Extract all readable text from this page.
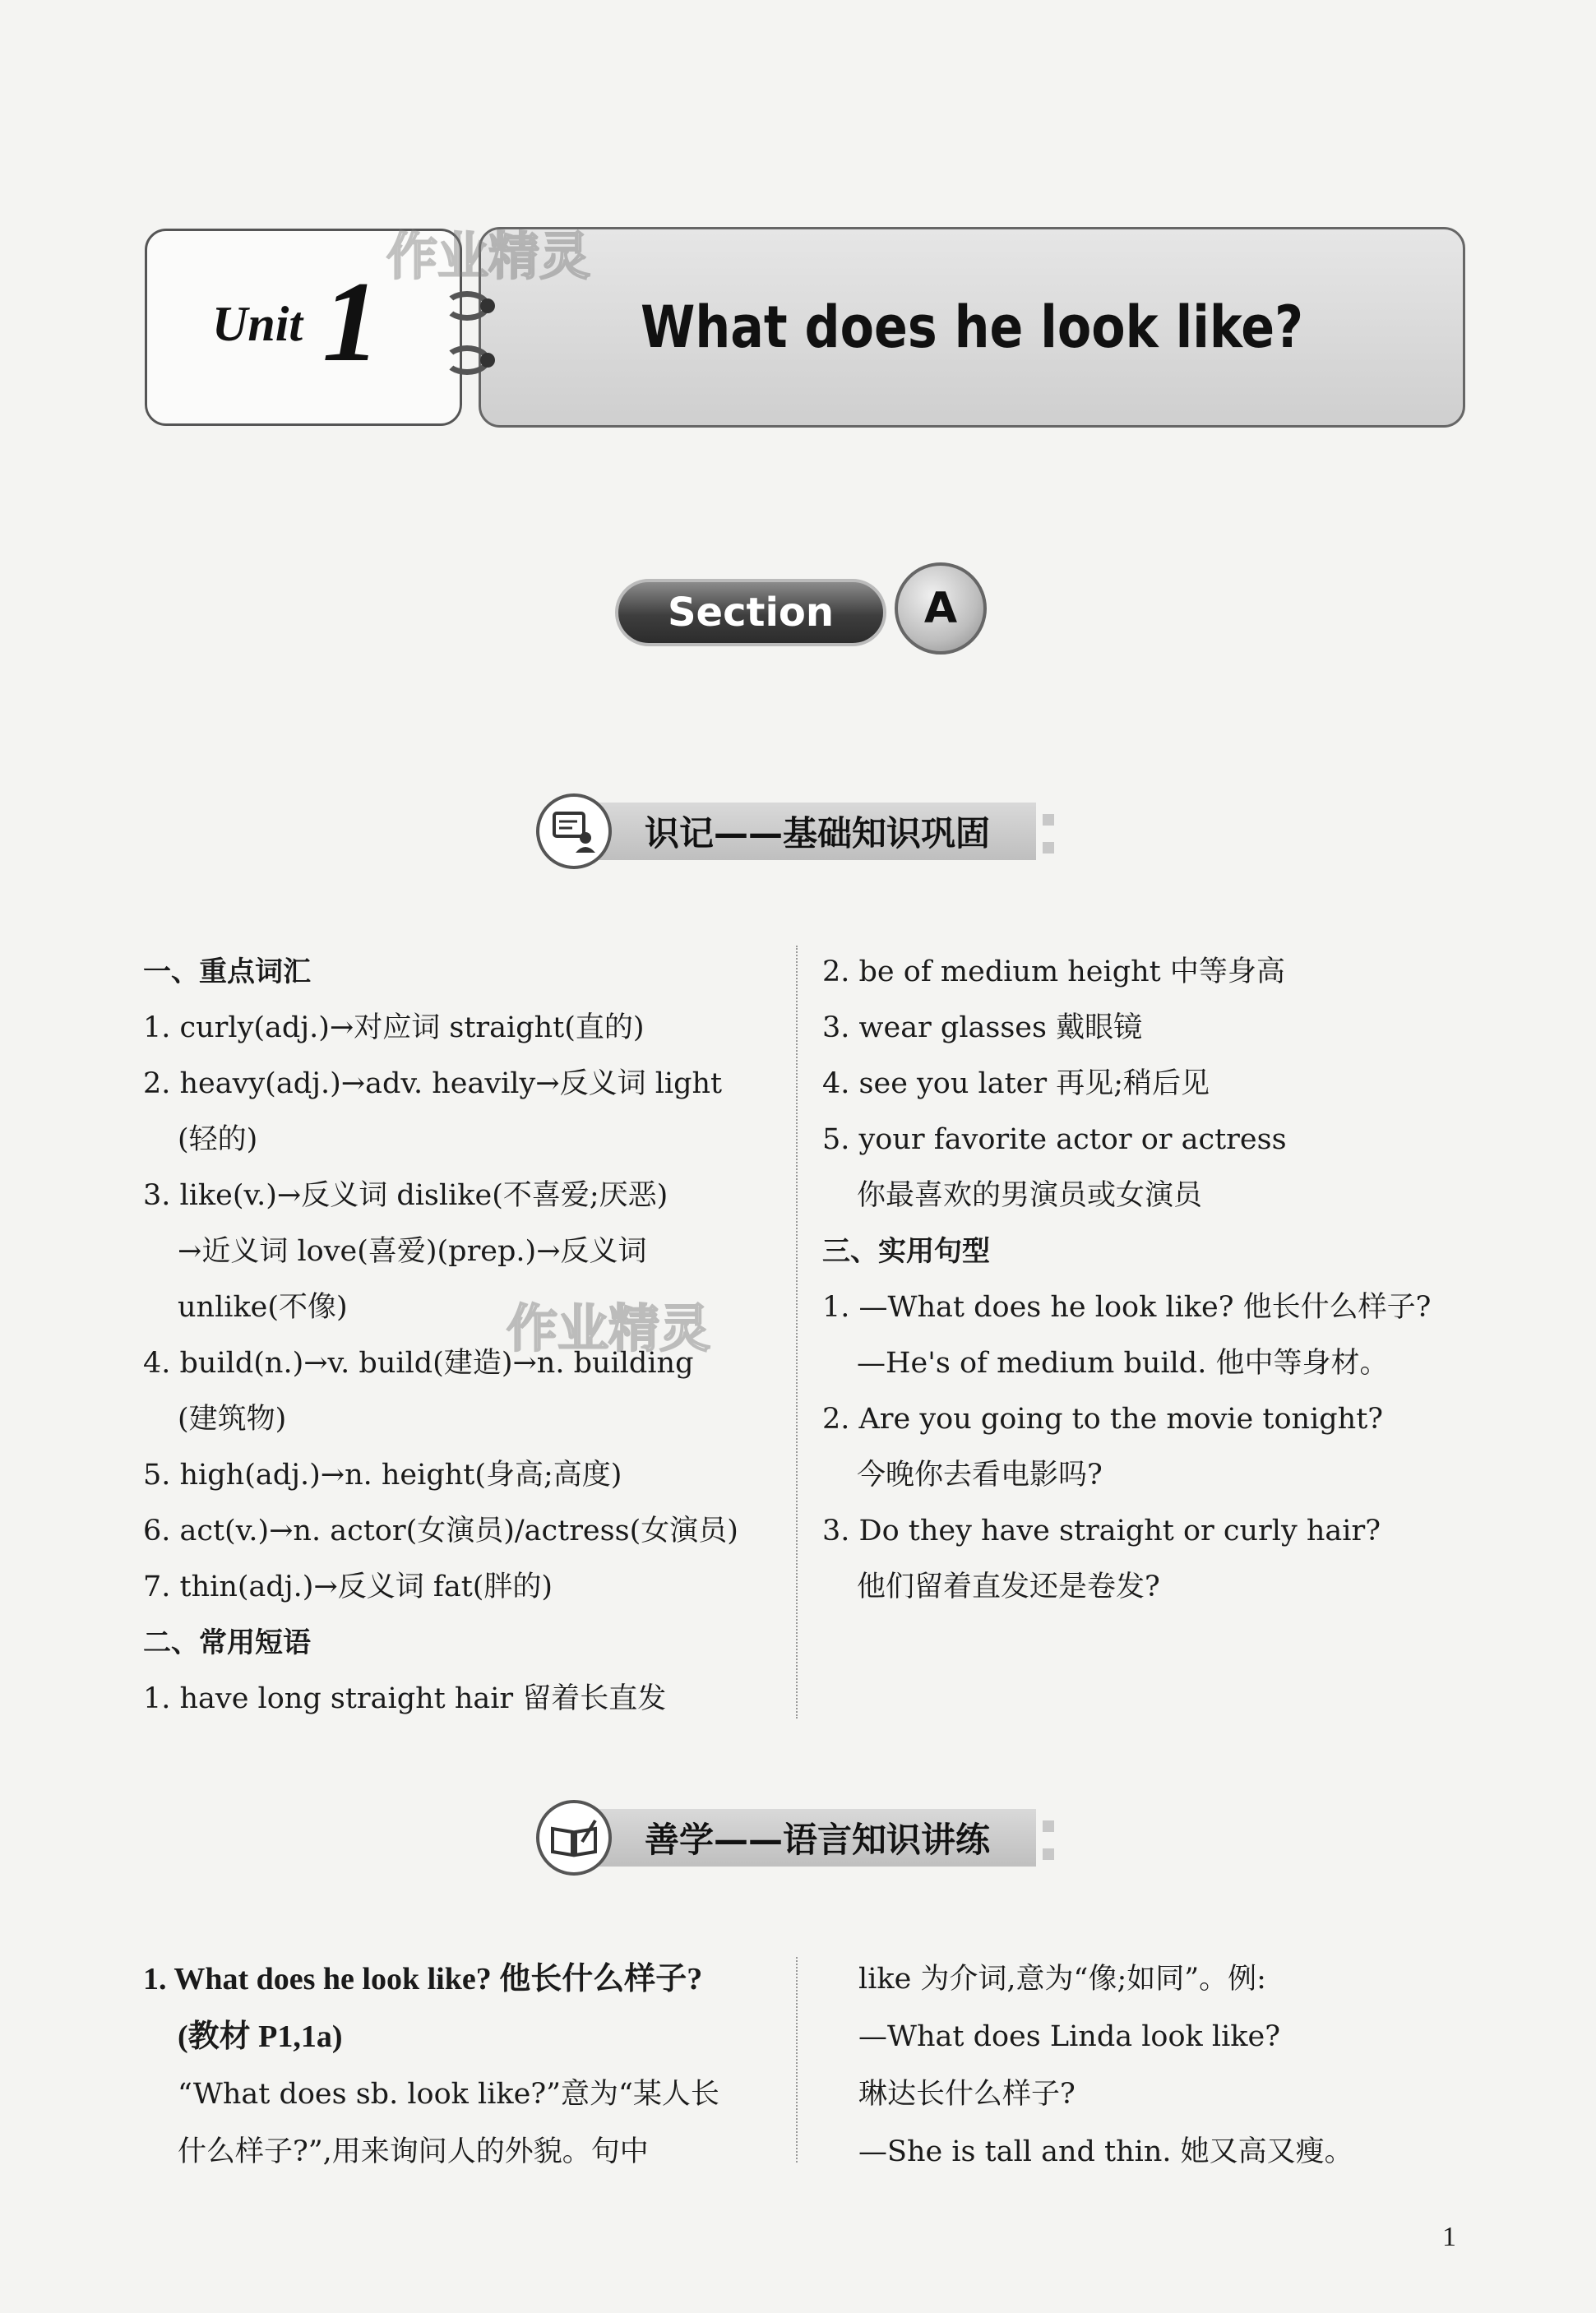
Unit 1	What does he look like?
作业精灵
Section A
识记——基础知识巩固
一、重点词汇
1. curly(adj.)→对应词 straight(直的)
2. heavy(adj.)→adv. heavily→反义词 light
(轻的)
3. like(v.)→反义词 dislike(不喜爱;厌恶)
→近义词 love(喜爱)(prep.)→反义词
unlike(不像)
4. build(n.)→v. build(建造)→n. building
(建筑物)
5. high(adj.)→n. height(身高;高度)
6. act(v.)→n. actor(女演员)/actress(女演员)
7. thin(adj.)→反义词 fat(胖的)
二、常用短语
1. have long straight hair 留着长直发
2. be of medium height 中等身高
3. wear glasses 戴眼镜
4. see you later 再见;稍后见
5. your favorite actor or actress
你最喜欢的男演员或女演员
三、实用句型
1. —What does he look like? 他长什么样子?
—He's of medium build. 他中等身材。
2. Are you going to the movie tonight?
今晚你去看电影吗?
3. Do they have straight or curly hair?
他们留着直发还是卷发?
作业精灵
善学——语言知识讲练
1. What does he look like? 他长什么样子?
(教材 P1,1a)
“What does sb. look like?”意为“某人长
什么样子?”,用来询问人的外貌。句中
like 为介词,意为“像;如同”。例:
—What does Linda look like?
琳达长什么样子?
—She is tall and thin. 她又高又瘦。
1
